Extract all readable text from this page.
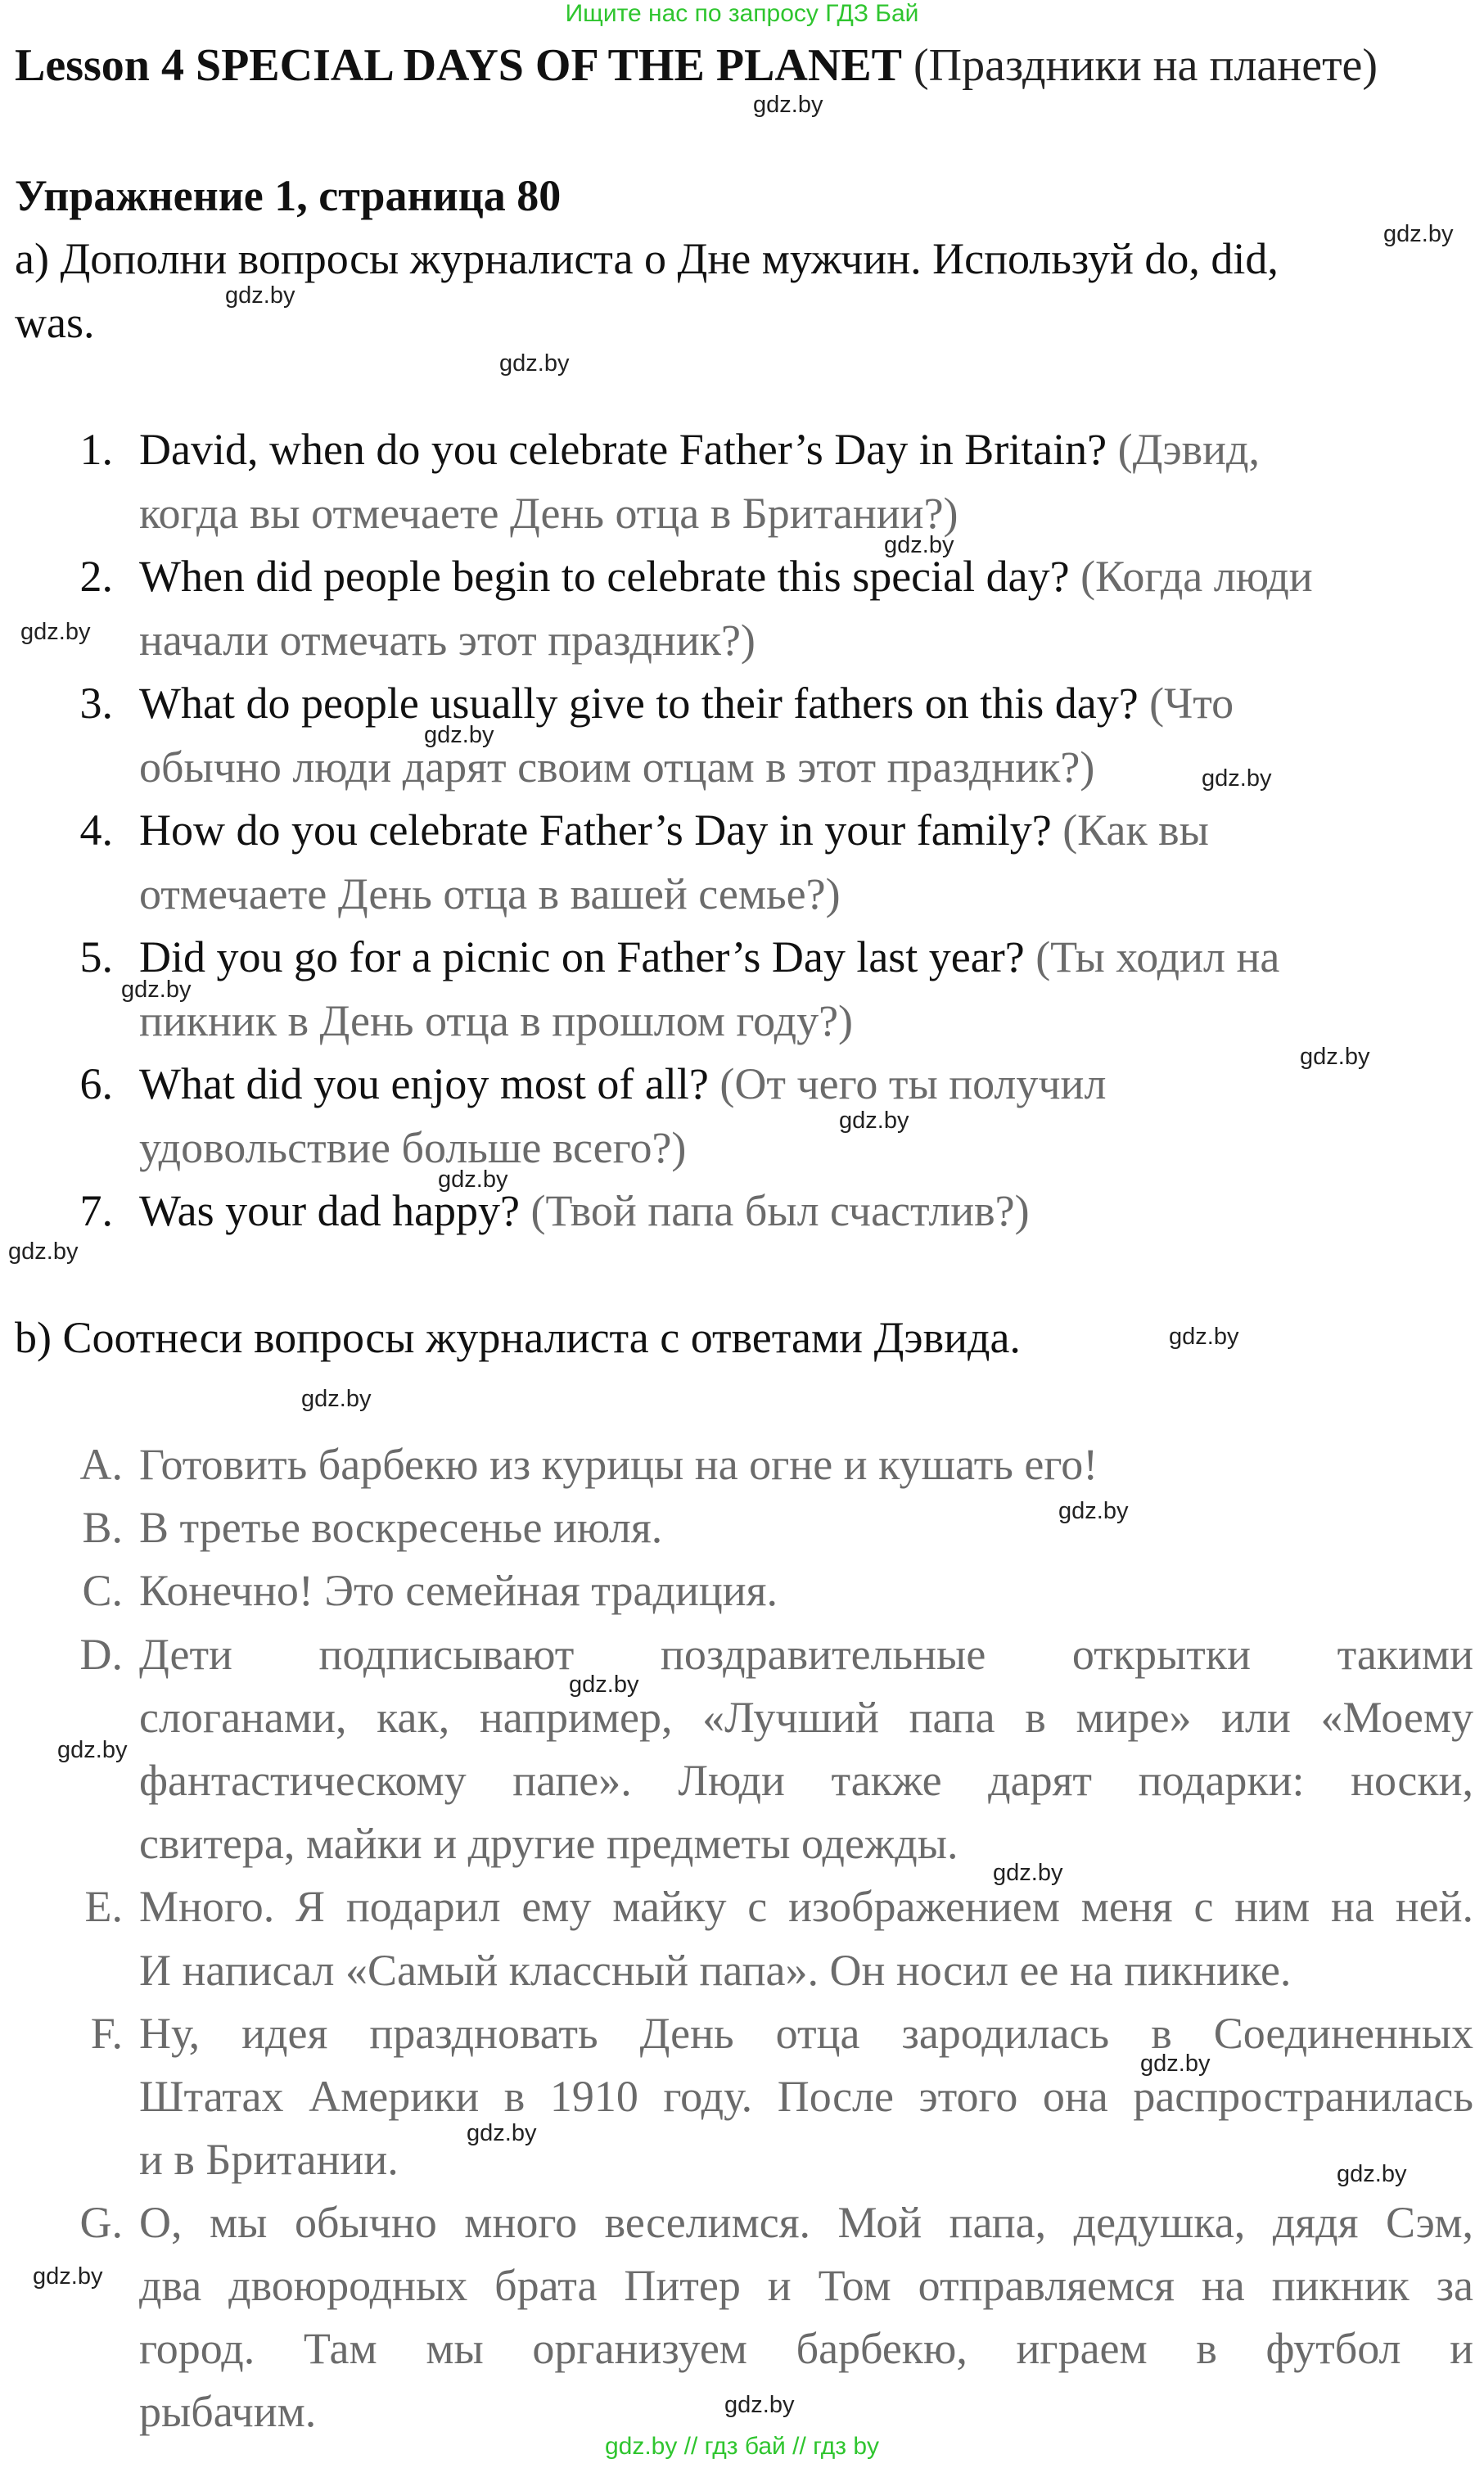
Ищите нас по запросу ГДЗ Бай
Lesson 4 SPECIAL DAYS OF THE PLANET (Праздники на планете)
Упражнение 1, страница 80
a) Дополни вопросы журналиста о Дне мужчин. Используй do, did,
was.
1. David, when do you celebrate Father’s Day in Britain? (Дэвид,
когда вы отмечаете День отца в Британии?)
2. When did people begin to celebrate this special day? (Когда люди
начали отмечать этот праздник?)
3. What do people usually give to their fathers on this day? (Что
обычно люди дарят своим отцам в этот праздник?)
4. How do you celebrate Father’s Day in your family? (Как вы
отмечаете День отца в вашей семье?)
5. Did you go for a picnic on Father’s Day last year? (Ты ходил на
пикник в День отца в прошлом году?)
6. What did you enjoy most of all? (От чего ты получил
удовольствие больше всего?)
7. Was your dad happy? (Твой папа был счастлив?)
b) Соотнеси вопросы журналиста с ответами Дэвида.
A. Готовить барбекю из курицы на огне и кушать его!
B. В третье воскресенье июля.
C. Конечно! Это семейная традиция.
D. Дети подписывают поздравительные открытки такими
слоганами, как, например, «Лучший папа в мире» или «Моему
фантастическому папе». Люди также дарят подарки: носки,
свитера, майки и другие предметы одежды.
E. Много. Я подарил ему майку с изображением меня с ним на ней.
И написал «Самый классный папа». Он носил ее на пикнике.
F. Ну, идея праздновать День отца зародилась в Соединенных
Штатах Америки в 1910 году. После этого она распространилась
и в Британии.
G. О, мы обычно много веселимся. Мой папа, дедушка, дядя Сэм,
два двоюродных брата Питер и Том отправляемся на пикник за
город. Там мы организуем барбекю, играем в футбол и
рыбачим.
gdz.by
gdz.by
gdz.by
gdz.by
gdz.by
gdz.by
gdz.by
gdz.by
gdz.by
gdz.by
gdz.by
gdz.by
gdz.by
gdz.by
gdz.by
gdz.by
gdz.by
gdz.by
gdz.by
gdz.by
gdz.by
gdz.by
gdz.by
gdz.by
gdz.by // гдз бай // гдз by
